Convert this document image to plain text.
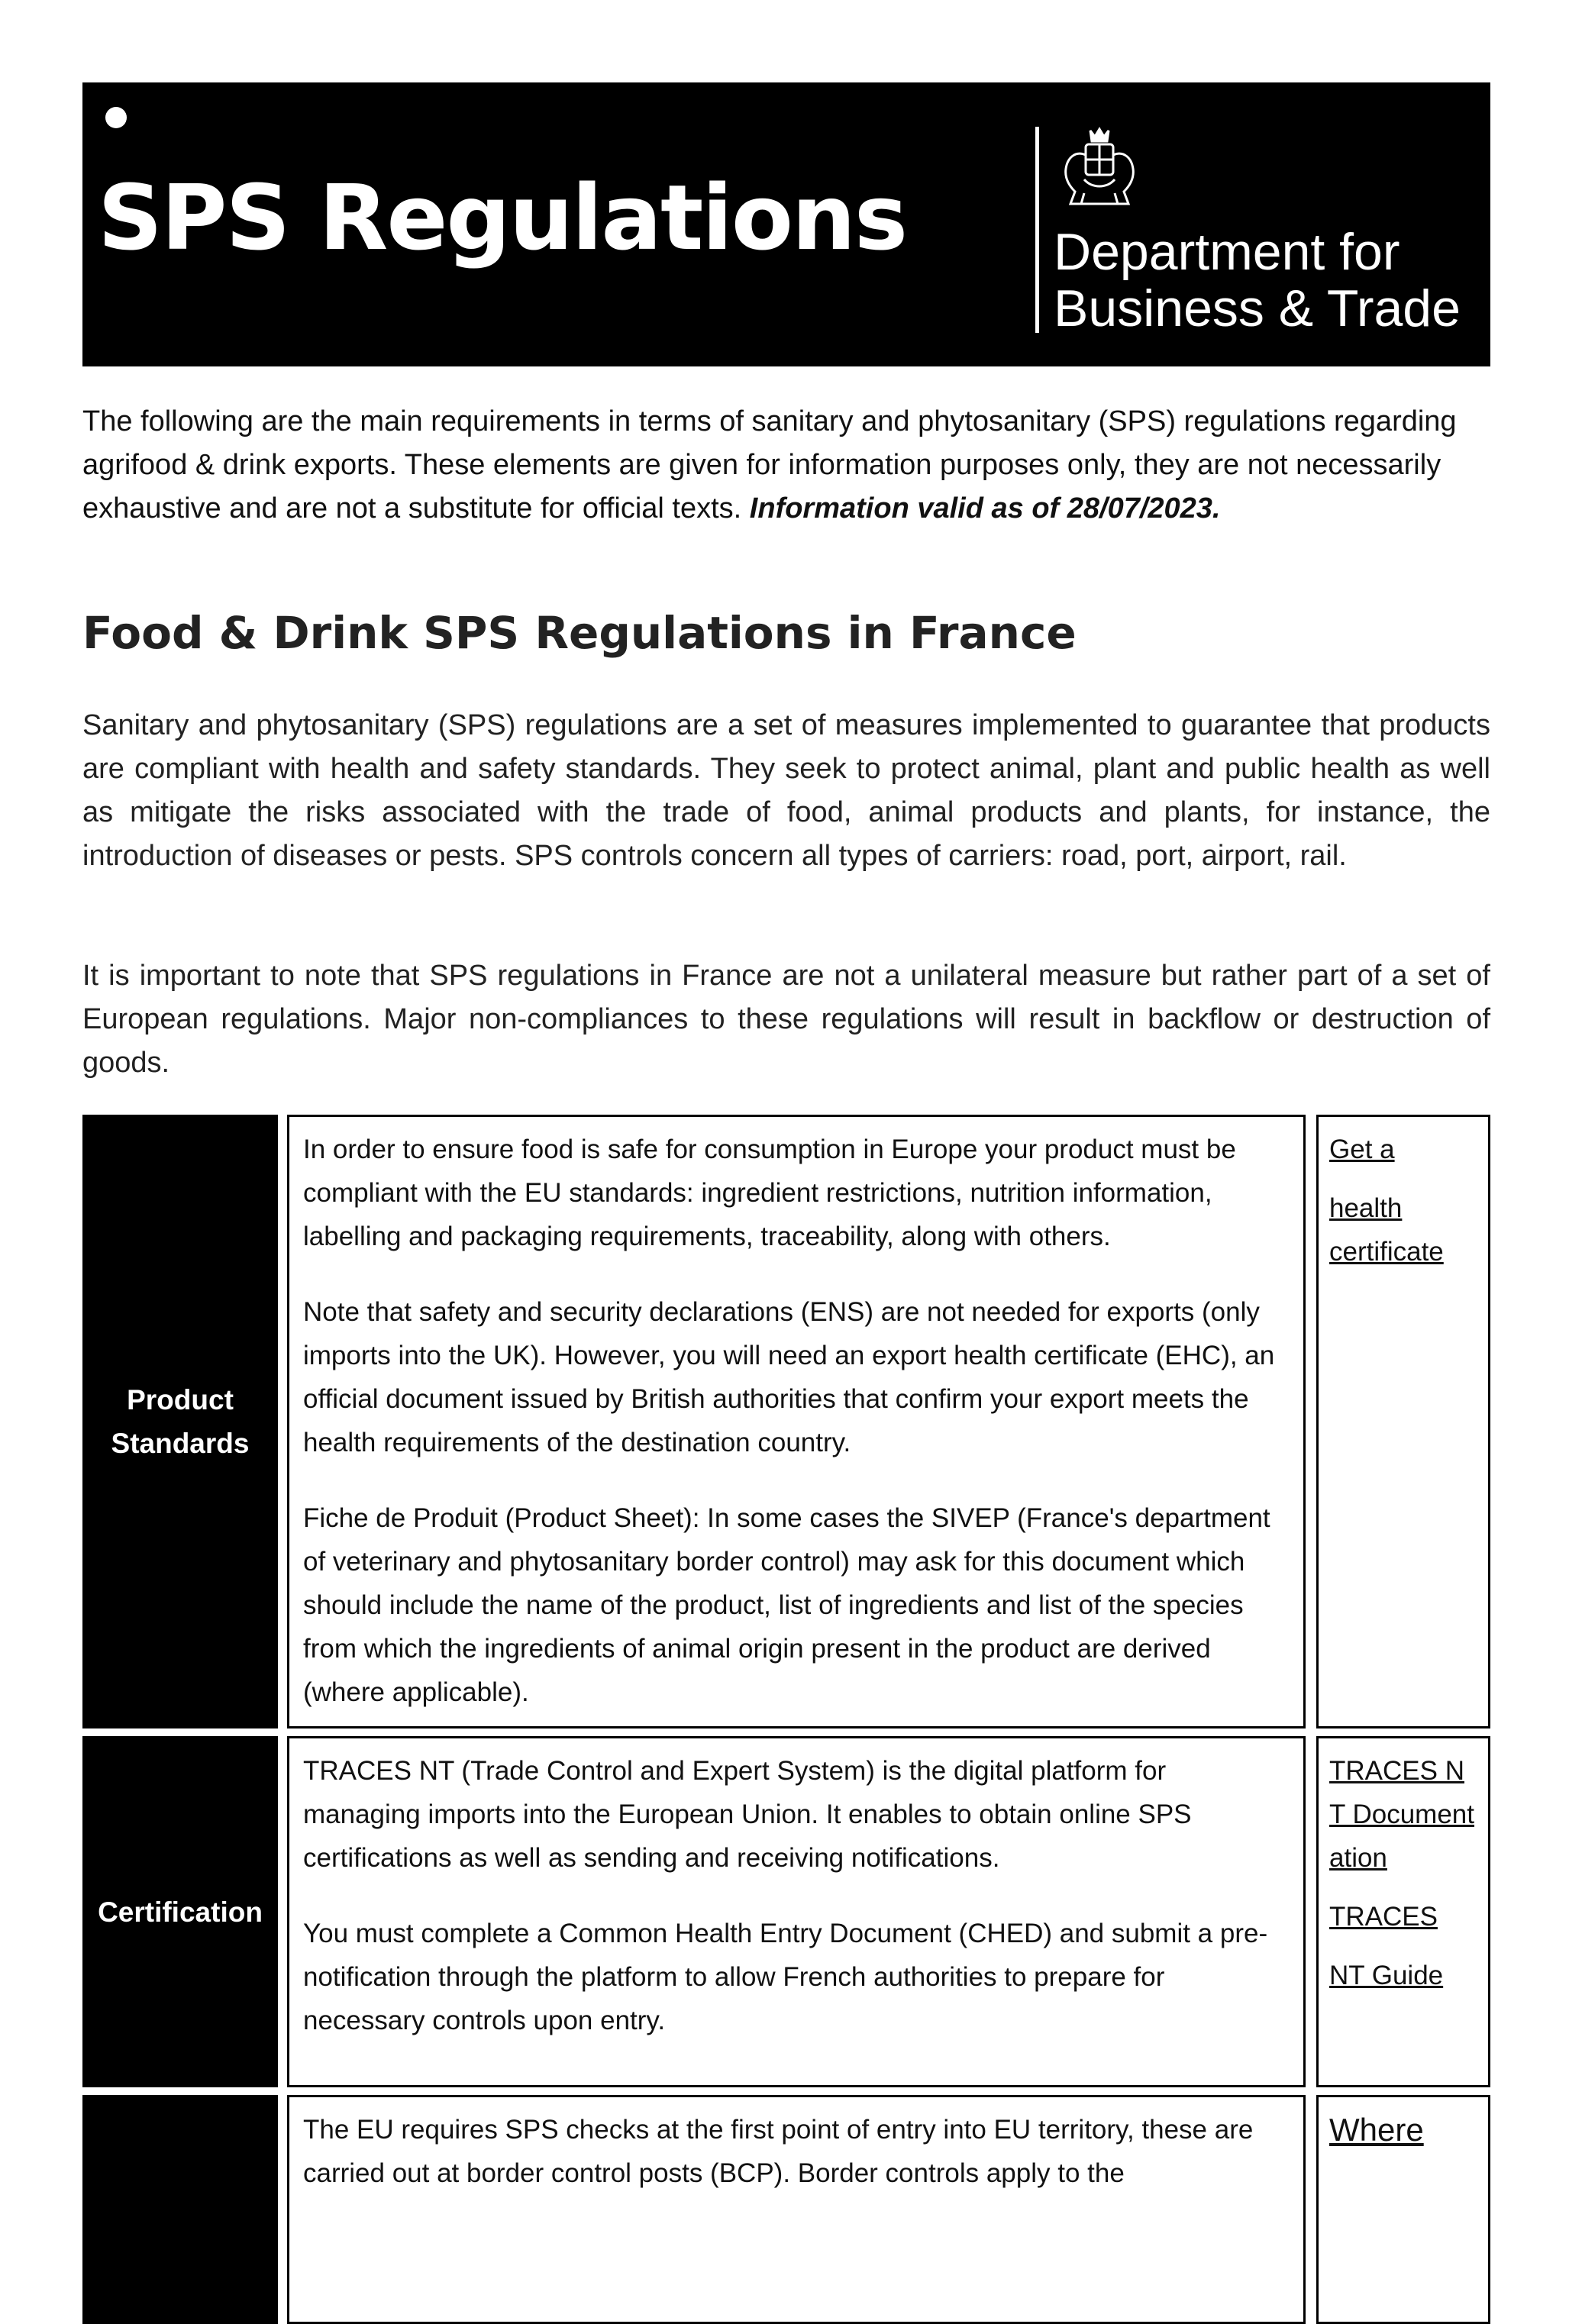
SPS Regulations	Department for
Business & Trade
The following are the main requirements in terms of sanitary and phytosanitary (SPS) regulations regarding agrifood & drink exports. These elements are given for information purposes only, they are not necessarily exhaustive and are not a substitute for official texts. Information valid as of 28/07/2023.
Food & Drink SPS Regulations in France

Sanitary and phytosanitary (SPS) regulations are a set of measures implemented to guarantee that products are compliant with health and safety standards. They seek to protect animal, plant and public health as well as mitigate the risks associated with the trade of food, animal products and plants, for instance, the introduction of diseases or pests. SPS controls concern all types of carriers: road, port, airport, rail.

It is important to note that SPS regulations in France are not a unilateral measure but rather part of a set of European regulations. Major non-compliances to these regulations will result in backflow or destruction of goods.

Product Standards

In order to ensure food is safe for consumption in Europe your product must be compliant with the EU standards: ingredient restrictions, nutrition information, labelling and packaging requirements, traceability, along with others.

Note that safety and security declarations (ENS) are not needed for exports (only imports into the UK). However, you will need an export health certificate (EHC), an official document issued by British authorities that confirm your export meets the health requirements of the destination country.

Fiche de Produit (Product Sheet): In some cases the SIVEP (France's department of veterinary and phytosanitary border control) may ask for this document which should include the name of the product, list of ingredients and list of the species from which the ingredients of animal origin present in the product are derived (where applicable).

Get a
health certificate
Certification

TRACES NT (Trade Control and Expert System) is the digital platform for managing imports into the European Union. It enables to obtain online SPS certifications as well as sending and receiving notifications.

You must complete a Common Health Entry Document (CHED) and submit a pre-notification through the platform to allow French authorities to prepare for necessary controls upon entry.

TRACES NT Documentation
TRACES
NT Guide

The EU requires SPS checks at the first point of entry into EU territory, these are carried out at border control posts (BCP). Border controls apply to the

Where
